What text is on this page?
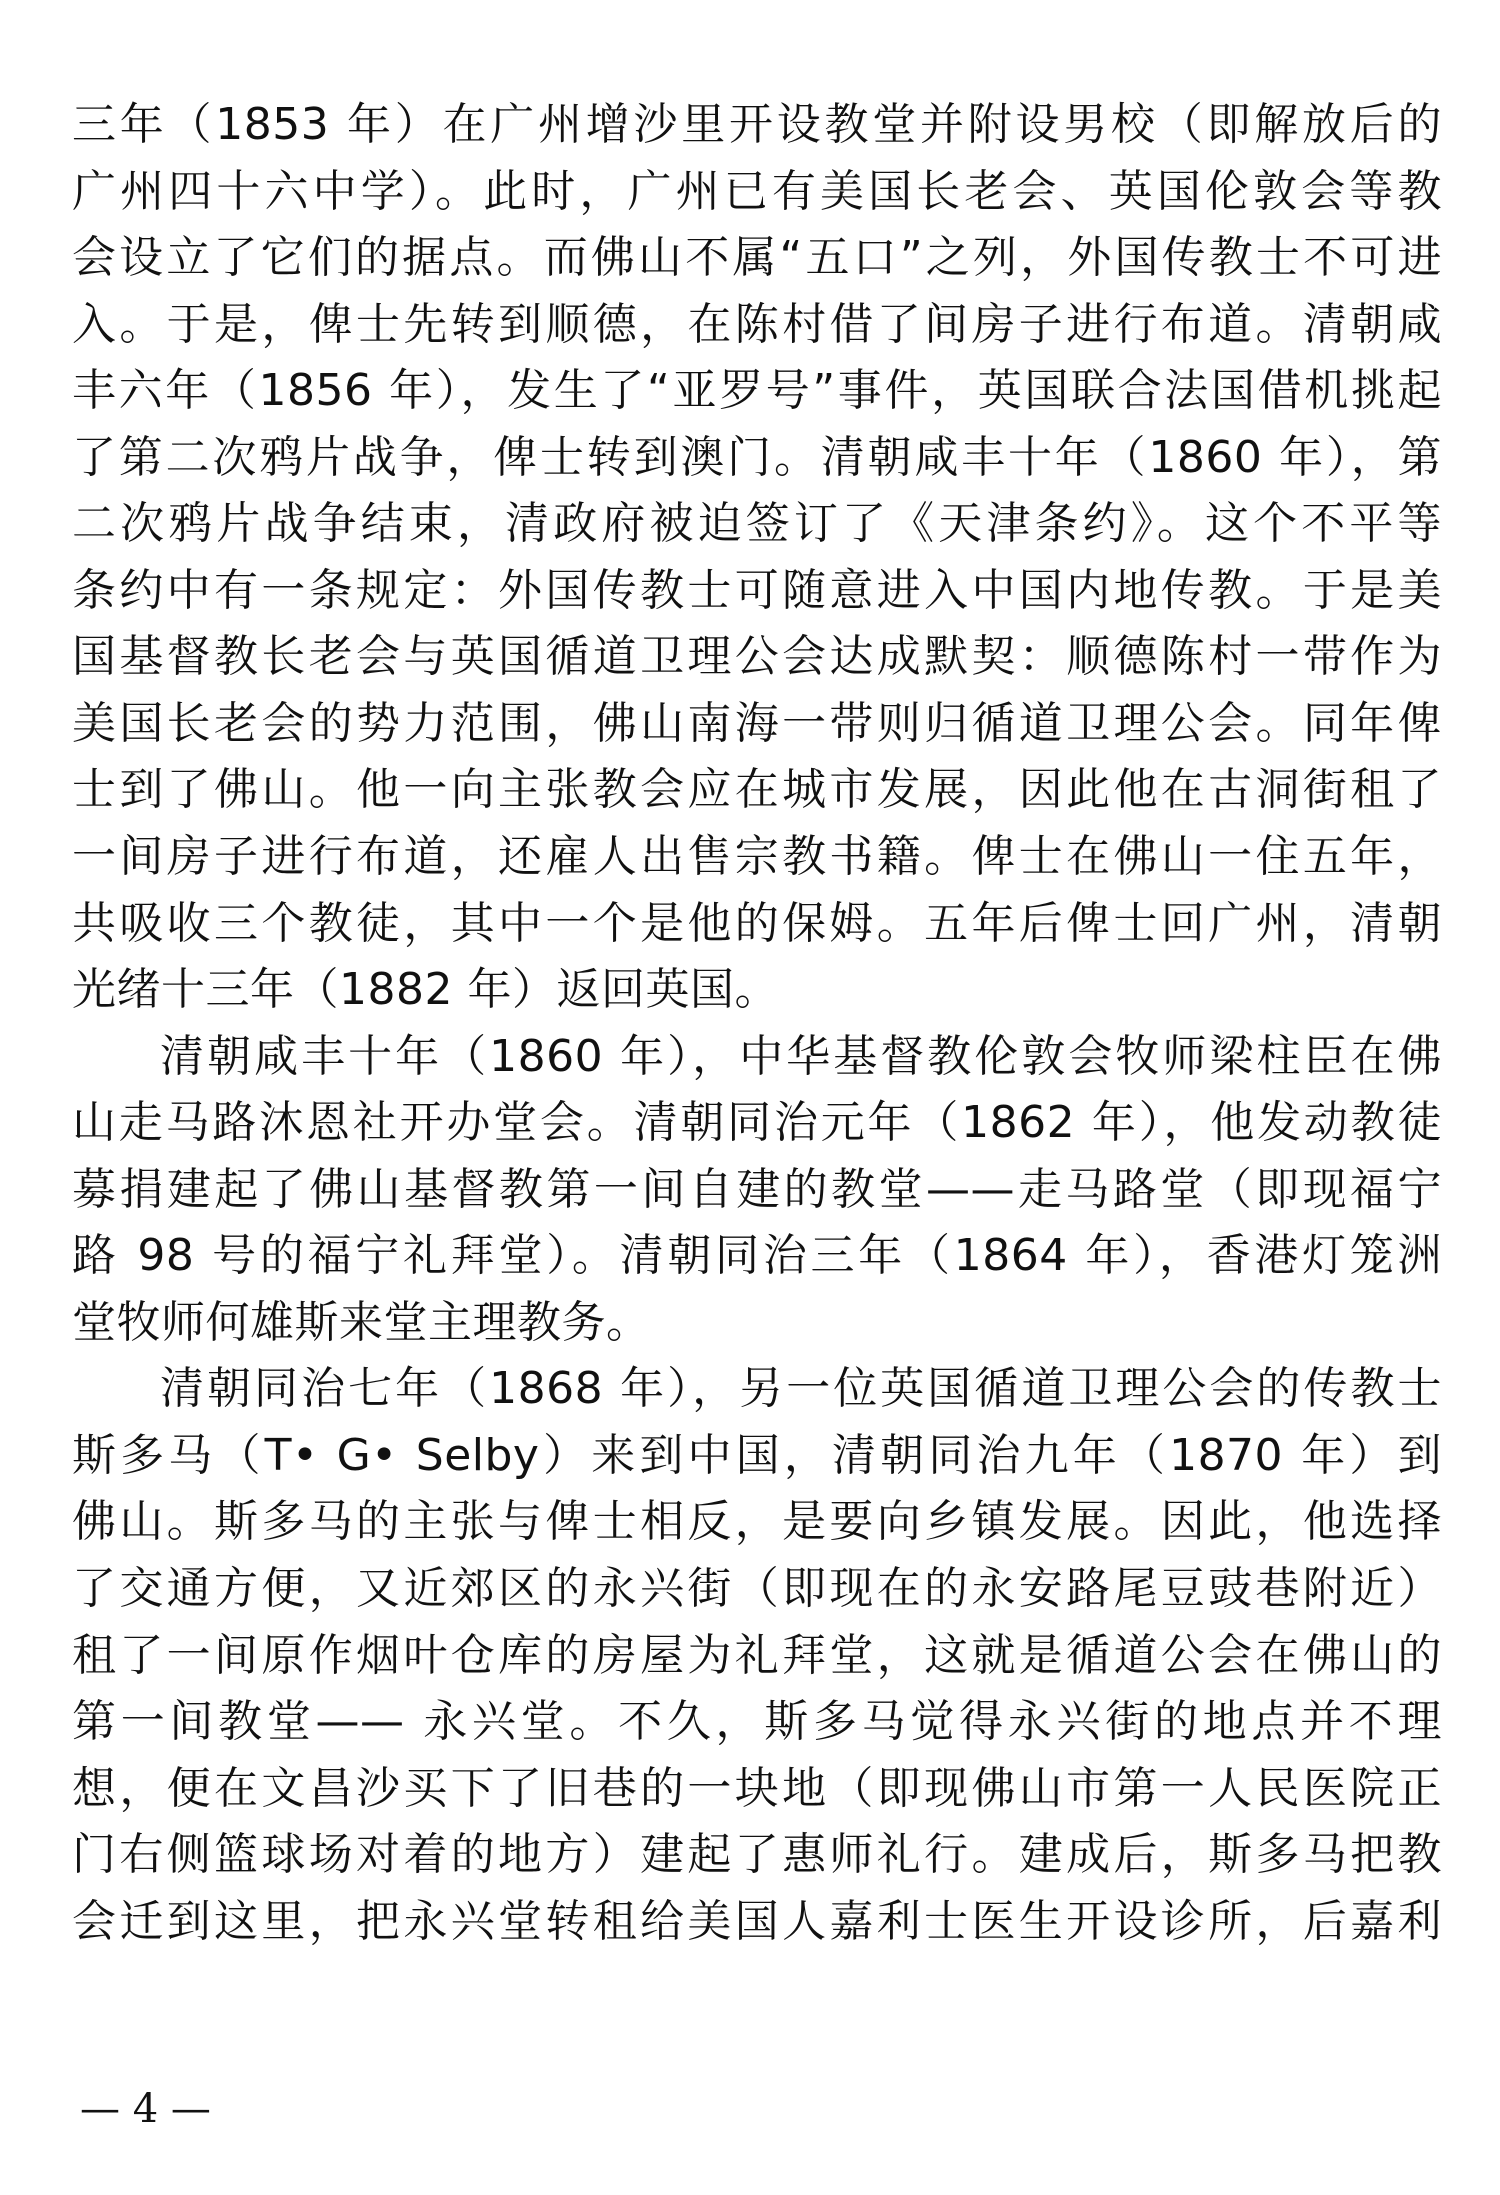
三年（1853 年）在广州增沙里开设教堂并附设男校（即解放后的
广州四十六中学）。此时，广州已有美国长老会、英国伦敦会等教
会设立了它们的据点。而佛山不属“五口”之列，外国传教士不可进
入。于是，俾士先转到顺德，在陈村借了间房子进行布道。清朝咸
丰六年（1856 年），发生了“亚罗号”事件，英国联合法国借机挑起
了第二次鸦片战争，俾士转到澳门。清朝咸丰十年（1860 年），第
二次鸦片战争结束，清政府被迫签订了《天津条约》。这个不平等
条约中有一条规定：外国传教士可随意进入中国内地传教。于是美
国基督教长老会与英国循道卫理公会达成默契：顺德陈村一带作为
美国长老会的势力范围，佛山南海一带则归循道卫理公会。同年俾
士到了佛山。他一向主张教会应在城市发展，因此他在古洞街租了
一间房子进行布道，还雇人出售宗教书籍。俾士在佛山一住五年，
共吸收三个教徒，其中一个是他的保姆。五年后俾士回广州，清朝
光绪十三年（1882 年）返回英国。
清朝咸丰十年（1860 年），中华基督教伦敦会牧师梁柱臣在佛
山走马路沐恩社开办堂会。清朝同治元年（1862 年），他发动教徒
募捐建起了佛山基督教第一间自建的教堂——走马路堂（即现福宁
路 98 号的福宁礼拜堂）。清朝同治三年（1864 年），香港灯笼洲
堂牧师何雄斯来堂主理教务。
清朝同治七年（1868 年），另一位英国循道卫理公会的传教士
斯多马（T• G• Selby）来到中国，清朝同治九年（1870 年）到
佛山。斯多马的主张与俾士相反，是要向乡镇发展。因此，他选择
了交通方便，又近郊区的永兴街（即现在的永安路尾豆豉巷附近）
租了一间原作烟叶仓库的房屋为礼拜堂，这就是循道公会在佛山的
第一间教堂—— 永兴堂。不久，斯多马觉得永兴街的地点并不理
想，便在文昌沙买下了旧巷的一块地（即现佛山市第一人民医院正
门右侧篮球场对着的地方）建起了惠师礼行。建成后，斯多马把教
会迁到这里，把永兴堂转租给美国人嘉利士医生开设诊所，后嘉利
— 4 —
